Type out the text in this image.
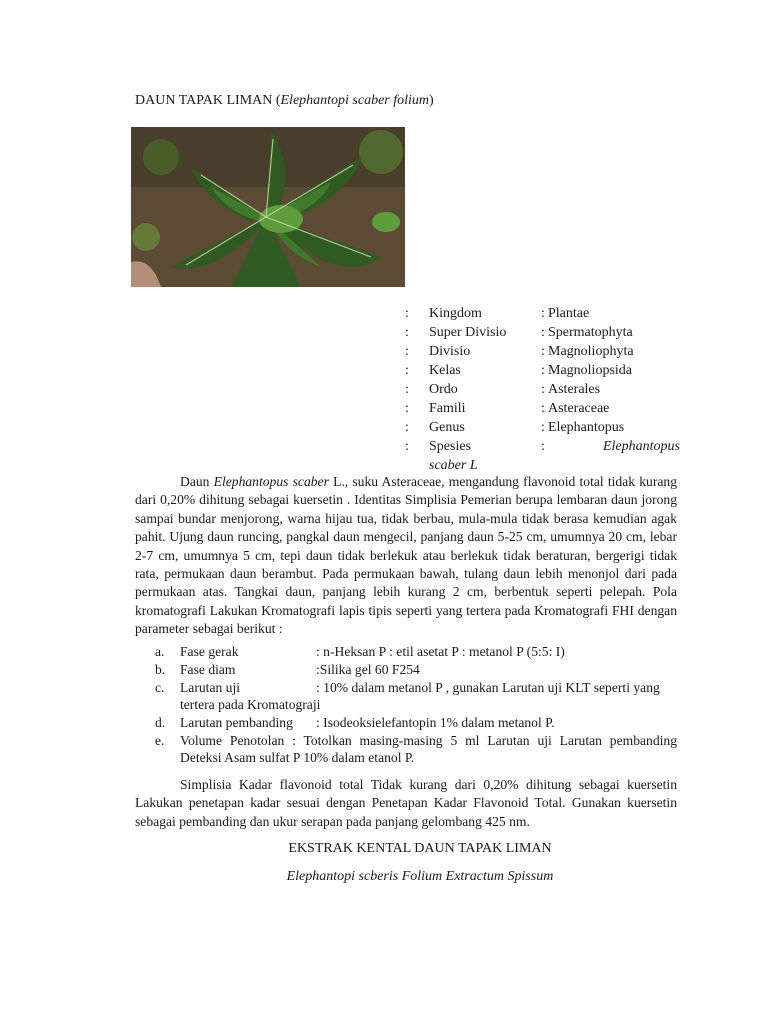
DAUN TAPAK LIMAN (Elephantopi scaber folium)
: Kingdom	: Plantae
: Super Divisio : Spermatophyta
: Divisio	: Magnoliophyta
: Kelas	: Magnoliopsida
: Ordo	: Asterales
: Famili	: Asteraceae
: Genus	: Elephantopus
: Spesies	:	Elephantopus
scaber L
Daun Elephantopus scaber L., suku Asteraceae, mengandung flavonoid total tidak kurang dari 0,20% dihitung sebagai kuersetin . Identitas Simplisia Pemerian berupa lembaran daun jorong sampai bundar menjorong, warna hijau tua, tidak berbau, mula-mula tidak berasa kemudian agak pahit. Ujung daun runcing, pangkal daun mengecil, panjang daun 5-25 cm, umumnya 20 cm, lebar 2-7 cm, umumnya 5 cm, tepi daun tidak berlekuk atau berlekuk tidak beraturan, bergerigi tidak rata, permukaan daun berambut. Pada permukaan bawah, tulang daun lebih menonjol dari pada permukaan atas. Tangkai daun, panjang lebih kurang 2 cm, berbentuk seperti pelepah. Pola kromatografi Lakukan Kromatografi lapis tipis seperti yang tertera pada Kromatografi FHI dengan parameter sebagai berikut :
a. Fase gerak	: n-Heksan P : etil asetat P : metanol P (5:5: I)
b. Fase diam	:Silika gel 60 F254
c. Larutan uji	: 10% dalam metanol P , gunakan Larutan uji KLT seperti yang
tertera pada Kromatograji
d. Larutan pembanding : Isodeoksielefantopin 1% dalam metanol P.
e. Volume Penotolan : Totolkan masing-masing 5 ml Larutan uji Larutan pembanding
Deteksi Asam sulfat P 10% dalam etanol P.
Simplisia Kadar flavonoid total Tidak kurang dari 0,20% dihitung sebagai kuersetin Lakukan penetapan kadar sesuai dengan Penetapan Kadar Flavonoid Total. Gunakan kuersetin sebagai pembanding dan ukur serapan pada panjang gelombang 425 nm.
EKSTRAK KENTAL DAUN TAPAK LIMAN
Elephantopi scberis Folium Extractum Spissum
